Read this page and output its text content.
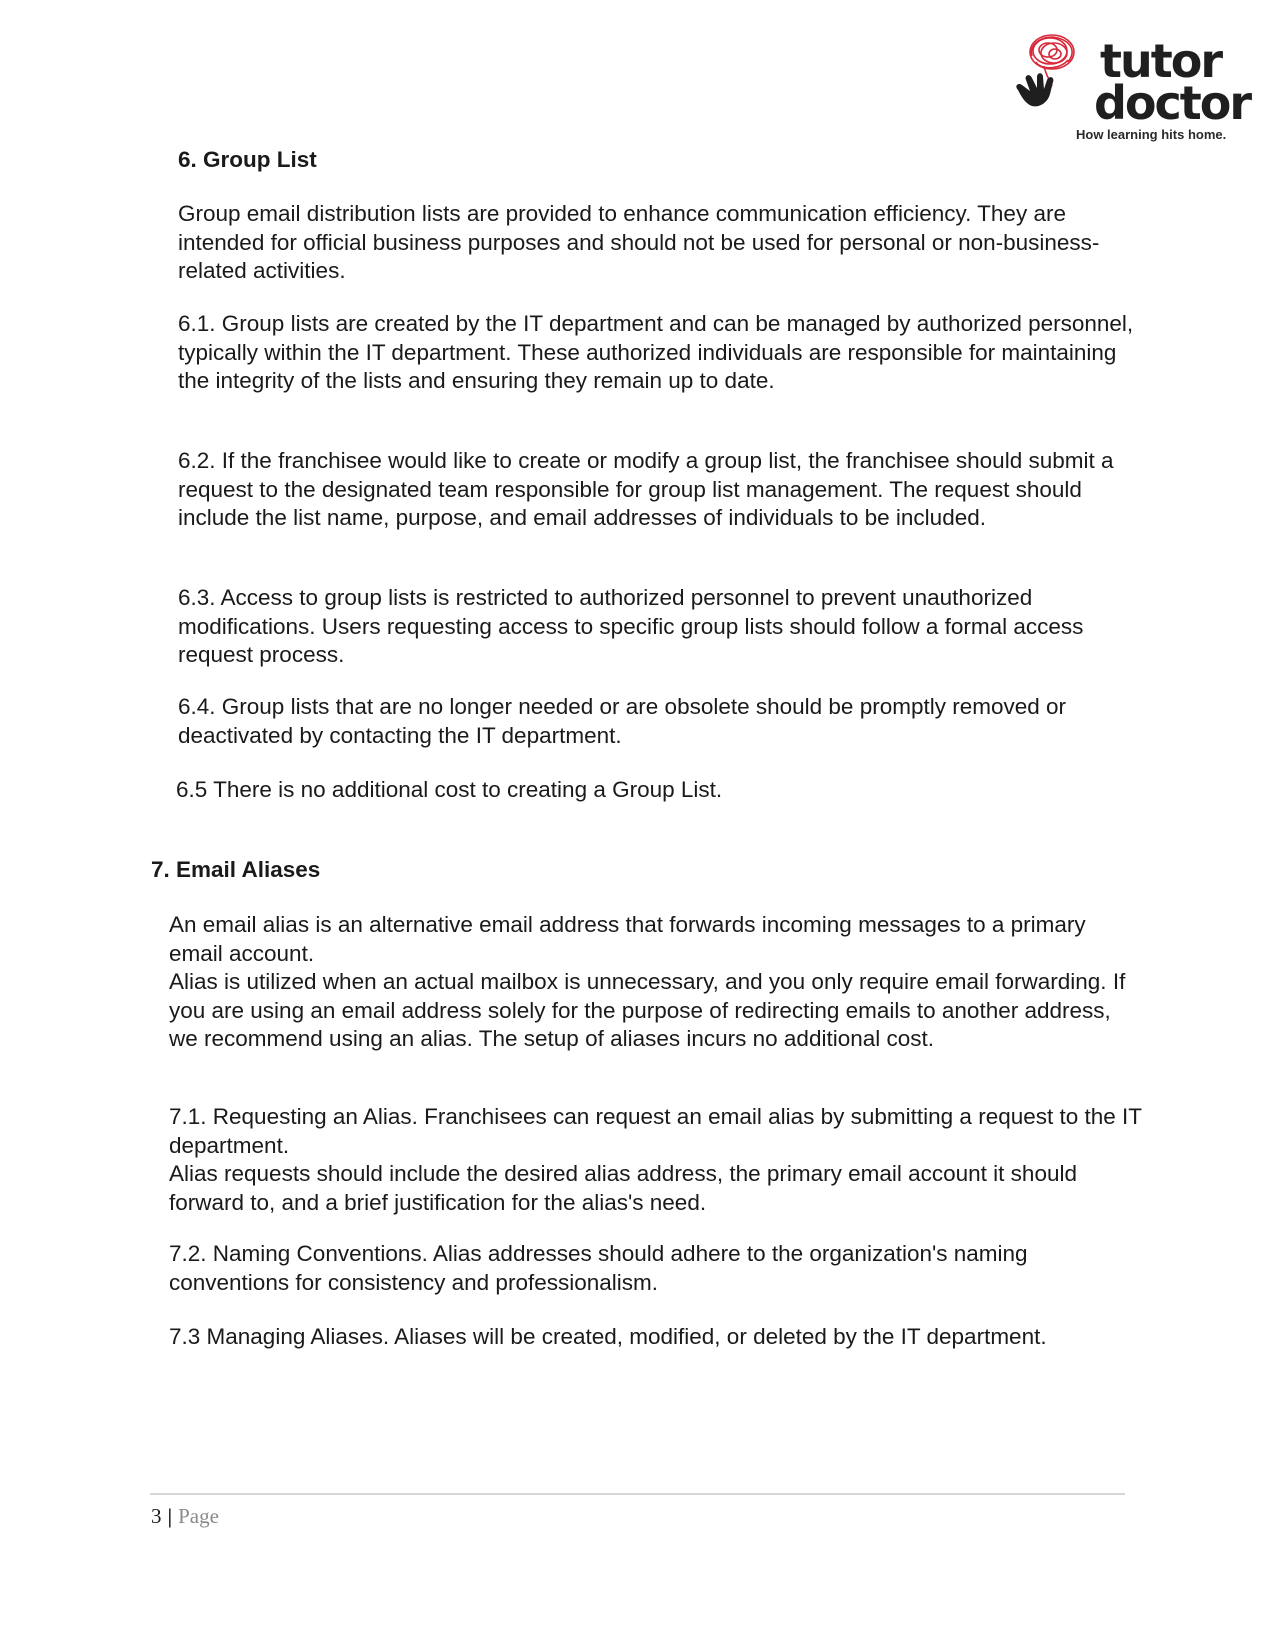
tutor
doctor
How learning hits home.

6. Group List

Group email distribution lists are provided to enhance communication efficiency. They are intended for official business purposes and should not be used for personal or non-business-related activities.

6.1. Group lists are created by the IT department and can be managed by authorized personnel, typically within the IT department. These authorized individuals are responsible for maintaining the integrity of the lists and ensuring they remain up to date.

6.2. If the franchisee would like to create or modify a group list, the franchisee should submit a request to the designated team responsible for group list management. The request should include the list name, purpose, and email addresses of individuals to be included.

6.3. Access to group lists is restricted to authorized personnel to prevent unauthorized modifications. Users requesting access to specific group lists should follow a formal access request process.

6.4. Group lists that are no longer needed or are obsolete should be promptly removed or deactivated by contacting the IT department.

6.5 There is no additional cost to creating a Group List.

7. Email Aliases

An email alias is an alternative email address that forwards incoming messages to a primary email account.

Alias is utilized when an actual mailbox is unnecessary, and you only require email forwarding. If you are using an email address solely for the purpose of redirecting emails to another address, we recommend using an alias. The setup of aliases incurs no additional cost.

7.1. Requesting an Alias. Franchisees can request an email alias by submitting a request to the IT department.

Alias requests should include the desired alias address, the primary email account it should forward to, and a brief justification for the alias's need.

7.2. Naming Conventions. Alias addresses should adhere to the organization's naming conventions for consistency and professionalism.

7.3 Managing Aliases. Aliases will be created, modified, or deleted by the IT department.

3 | Page
